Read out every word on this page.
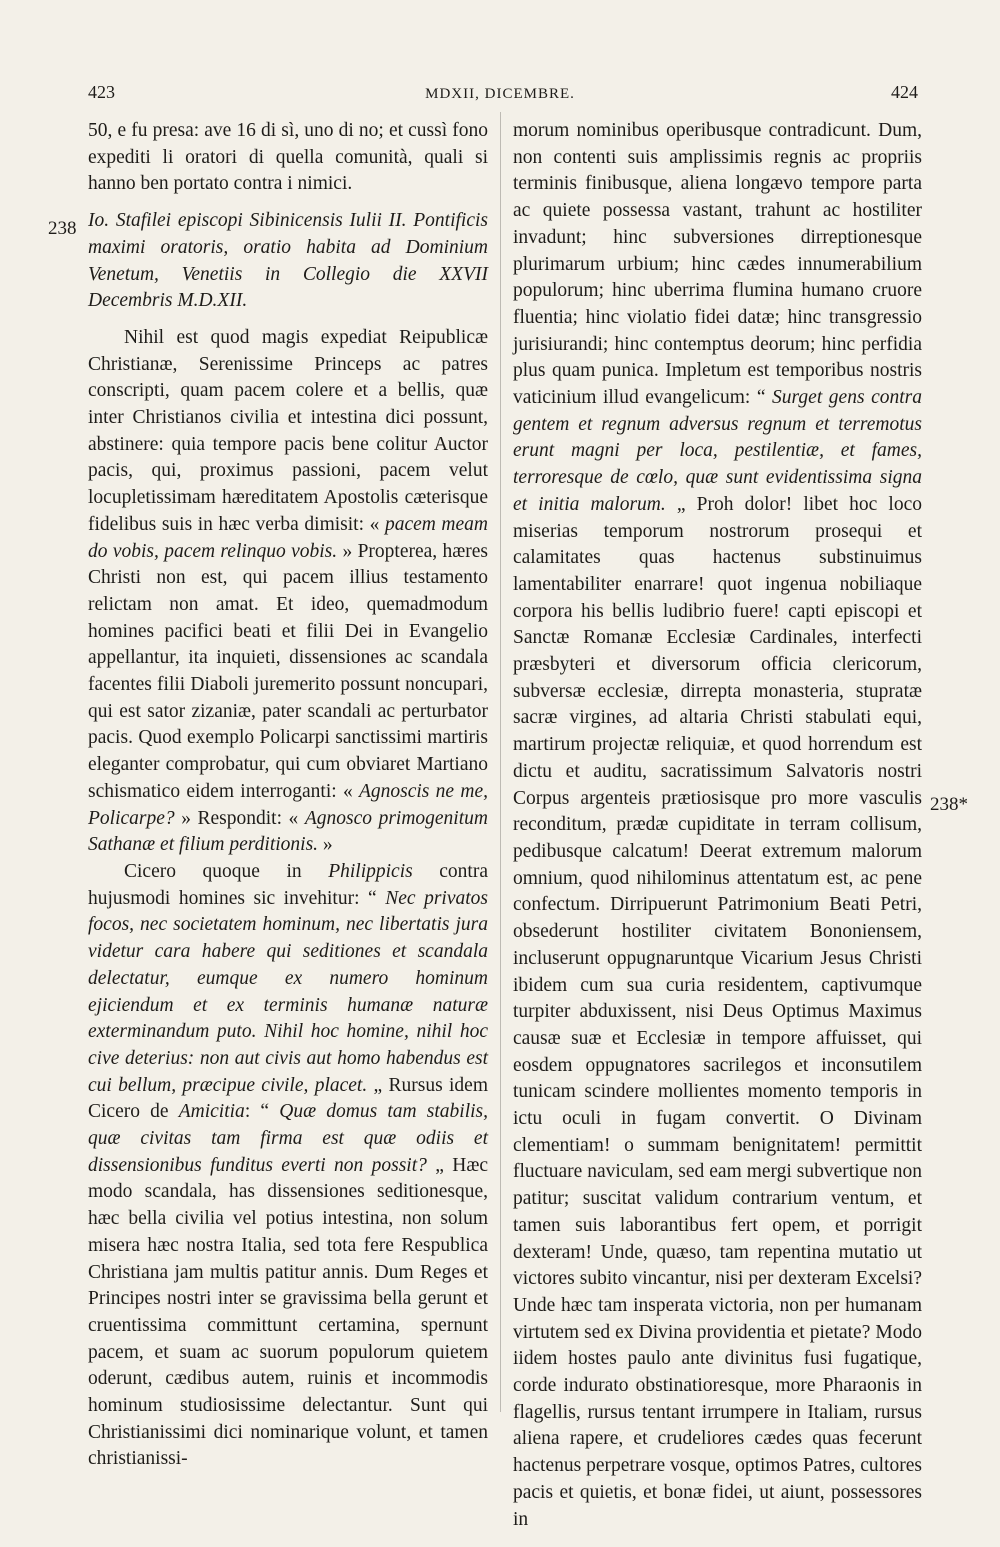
423	MDXII, DICEMBRE.	424
238
238*

50, e fu presa: ave 16 di sì, uno di no; et cussì fono expediti li oratori di quella comunità, quali si hanno ben portato contra i nimici.

Io. Stafilei episcopi Sibinicensis Iulii II. Pontificis maximi oratoris, oratio habita ad Dominium Venetum, Venetiis in Collegio die XXVII Decembris M.D.XII.

Nihil est quod magis expediat Reipublicæ Christianæ, Serenissime Princeps ac patres conscripti, quam pacem colere et a bellis, quæ inter Christianos civilia et intestina dici possunt, abstinere: quia tempore pacis bene colitur Auctor pacis, qui, proximus passioni, pacem velut locupletissimam hæreditatem Apostolis cæterisque fidelibus suis in hæc verba dimisit: « pacem meam do vobis, pacem relinquo vobis. » Propterea, hæres Christi non est, qui pacem illius testamento relictam non amat. Et ideo, quemadmodum homines pacifici beati et filii Dei in Evangelio appellantur, ita inquieti, dissensiones ac scandala facentes filii Diaboli juremerito possunt noncupari, qui est sator zizaniæ, pater scandali ac perturbator pacis. Quod exemplo Policarpi sanctissimi martiris eleganter comprobatur, qui cum obviaret Martiano schismatico eidem interroganti: « Agnoscis ne me, Policarpe? » Respondit: « Agnosco primogenitum Sathanæ et filium perditionis. »

Cicero quoque in Philippicis contra hujusmodi homines sic invehitur: “ Nec privatos focos, nec societatem hominum, nec libertatis jura videtur cara habere qui seditiones et scandala delectatur, eumque ex numero hominum ejiciendum et ex terminis humanæ naturæ exterminandum puto. Nihil hoc homine, nihil hoc cive deterius: non aut civis aut homo habendus est cui bellum, præcipue civile, placet. „ Rursus idem Cicero de Amicitia: “ Quæ domus tam stabilis, quæ civitas tam firma est quæ odiis et dissensionibus funditus everti non possit? „ Hæc modo scandala, has dissensiones seditionesque, hæc bella civilia vel potius intestina, non solum misera hæc nostra Italia, sed tota fere Respublica Christiana jam multis patitur annis. Dum Reges et Principes nostri inter se gravissima bella gerunt et cruentissima committunt certamina, spernunt pacem, et suam ac suorum populorum quietem oderunt, cædibus autem, ruinis et incommodis hominum studiosissime delectantur. Sunt qui Christianissimi dici nominarique volunt, et tamen christianissi-

morum nominibus operibusque contradicunt. Dum, non contenti suis amplissimis regnis ac propriis terminis finibusque, aliena longævo tempore parta ac quiete possessa vastant, trahunt ac hostiliter invadunt; hinc subversiones dirreptionesque plurimarum urbium; hinc cædes innumerabilium populorum; hinc uberrima flumina humano cruore fluentia; hinc violatio fidei datæ; hinc transgressio jurisiurandi; hinc contemptus deorum; hinc perfidia plus quam punica. Impletum est temporibus nostris vaticinium illud evangelicum: “ Surget gens contra gentem et regnum adversus regnum et terremotus erunt magni per loca, pestilentiæ, et fames, terroresque de cœlo, quæ sunt evidentissima signa et initia malorum. „ Proh dolor! libet hoc loco miserias temporum nostrorum prosequi et calamitates quas hactenus substinuimus lamentabiliter enarrare! quot ingenua nobiliaque corpora his bellis ludibrio fuere! capti episcopi et Sanctæ Romanæ Ecclesiæ Cardinales, interfecti præsbyteri et diversorum officia clericorum, subversæ ecclesiæ, dirrepta monasteria, stupratæ sacræ virgines, ad altaria Christi stabulati equi, martirum projectæ reliquiæ, et quod horrendum est dictu et auditu, sacratissimum Salvatoris nostri Corpus argenteis prætiosisque pro more vasculis reconditum, prædæ cupiditate in terram collisum, pedibusque calcatum! Deerat extremum malorum omnium, quod nihilominus attentatum est, ac pene confectum. Dirripuerunt Patrimonium Beati Petri, obsederunt hostiliter civitatem Bononiensem, incluserunt oppugnaruntque Vicarium Jesus Christi ibidem cum sua curia residentem, captivumque turpiter abduxissent, nisi Deus Optimus Maximus causæ suæ et Ecclesiæ in tempore affuisset, qui eosdem oppugnatores sacrilegos et inconsutilem tunicam scindere mollientes momento temporis in ictu oculi in fugam convertit. O Divinam clementiam! o summam benignitatem! permittit fluctuare naviculam, sed eam mergi subvertique non patitur; suscitat validum contrarium ventum, et tamen suis laborantibus fert opem, et porrigit dexteram! Unde, quæso, tam repentina mutatio ut victores subito vincantur, nisi per dexteram Excelsi? Unde hæc tam insperata victoria, non per humanam virtutem sed ex Divina providentia et pietate? Modo iidem hostes paulo ante divinitus fusi fugatique, corde indurato obstinatioresque, more Pharaonis in flagellis, rursus tentant irrumpere in Italiam, rursus aliena rapere, et crudeliores cædes quas fecerunt hactenus perpetrare vosque, optimos Patres, cultores pacis et quietis, et bonæ fidei, ut aiunt, possessores in
